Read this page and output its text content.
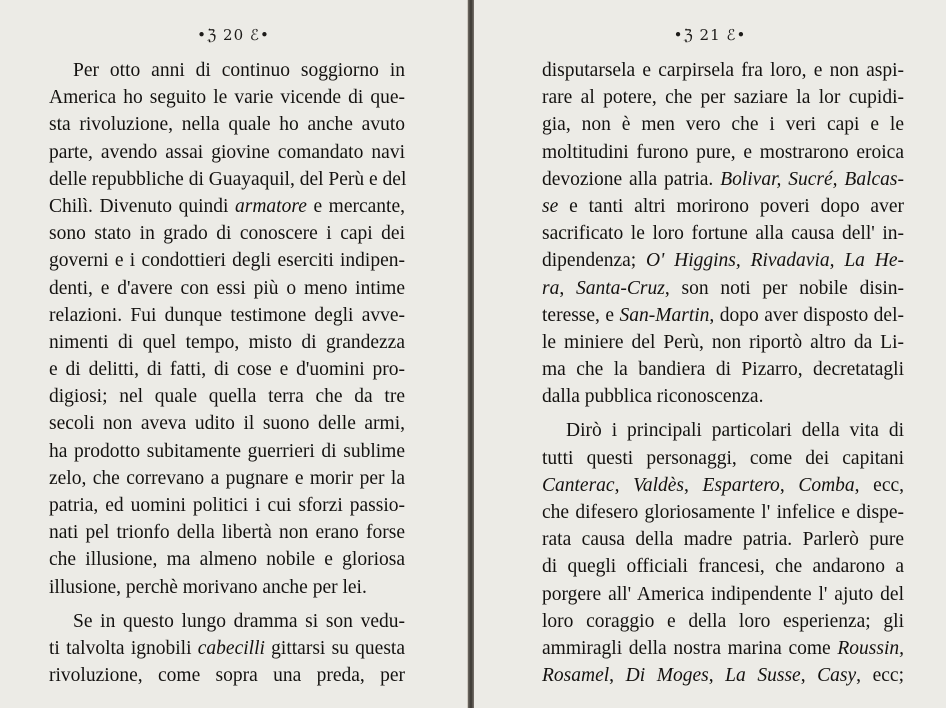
•ℨ 20 ℰ•
Per otto anni di continuo soggiorno in
America ho seguito le varie vicende di que-
sta rivoluzione, nella quale ho anche avuto
parte, avendo assai giovine comandato navi
delle repubbliche di Guayaquil, del Perù e del
Chilì. Divenuto quindi armatore e mercante,
sono stato in grado di conoscere i capi dei
governi e i condottieri degli eserciti indipen-
denti, e d'avere con essi più o meno intime
relazioni. Fui dunque testimone degli avve-
nimenti di quel tempo, misto di grandezza
e di delitti, di fatti, di cose e d'uomini pro-
digiosi; nel quale quella terra che da tre
secoli non aveva udito il suono delle armi,
ha prodotto subitamente guerrieri di sublime
zelo, che correvano a pugnare e morir per la
patria, ed uomini politici i cui sforzi passio-
nati pel trionfo della libertà non erano forse
che illusione, ma almeno nobile e gloriosa
illusione, perchè morivano anche per lei.
Se in questo lungo dramma si son vedu-
ti talvolta ignobili cabecilli gittarsi su questa
rivoluzione, come sopra una preda, per
•ℨ 21 ℰ•
disputarsela e carpirsela fra loro, e non aspi-
rare al potere, che per saziare la lor cupidi-
gia, non è men vero che i veri capi e le
moltitudini furono pure, e mostrarono eroica
devozione alla patria. Bolivar, Sucré, Balcas-
se e tanti altri morirono poveri dopo aver
sacrificato le loro fortune alla causa dell' in-
dipendenza; O' Higgins, Rivadavia, La He-
ra, Santa-Cruz, son noti per nobile disin-
teresse, e San-Martin, dopo aver disposto del-
le miniere del Perù, non riportò altro da Li-
ma che la bandiera di Pizarro, decretatagli
dalla pubblica riconoscenza.
Dirò i principali particolari della vita di
tutti questi personaggi, come dei capitani
Canterac, Valdès, Espartero, Comba, ecc,
che difesero gloriosamente l' infelice e dispe-
rata causa della madre patria. Parlerò pure
di quegli officiali francesi, che andarono a
porgere all' America indipendente l' ajuto del
loro coraggio e della loro esperienza; gli
ammiragli della nostra marina come Roussin,
Rosamel, Di Moges, La Susse, Casy, ecc;
